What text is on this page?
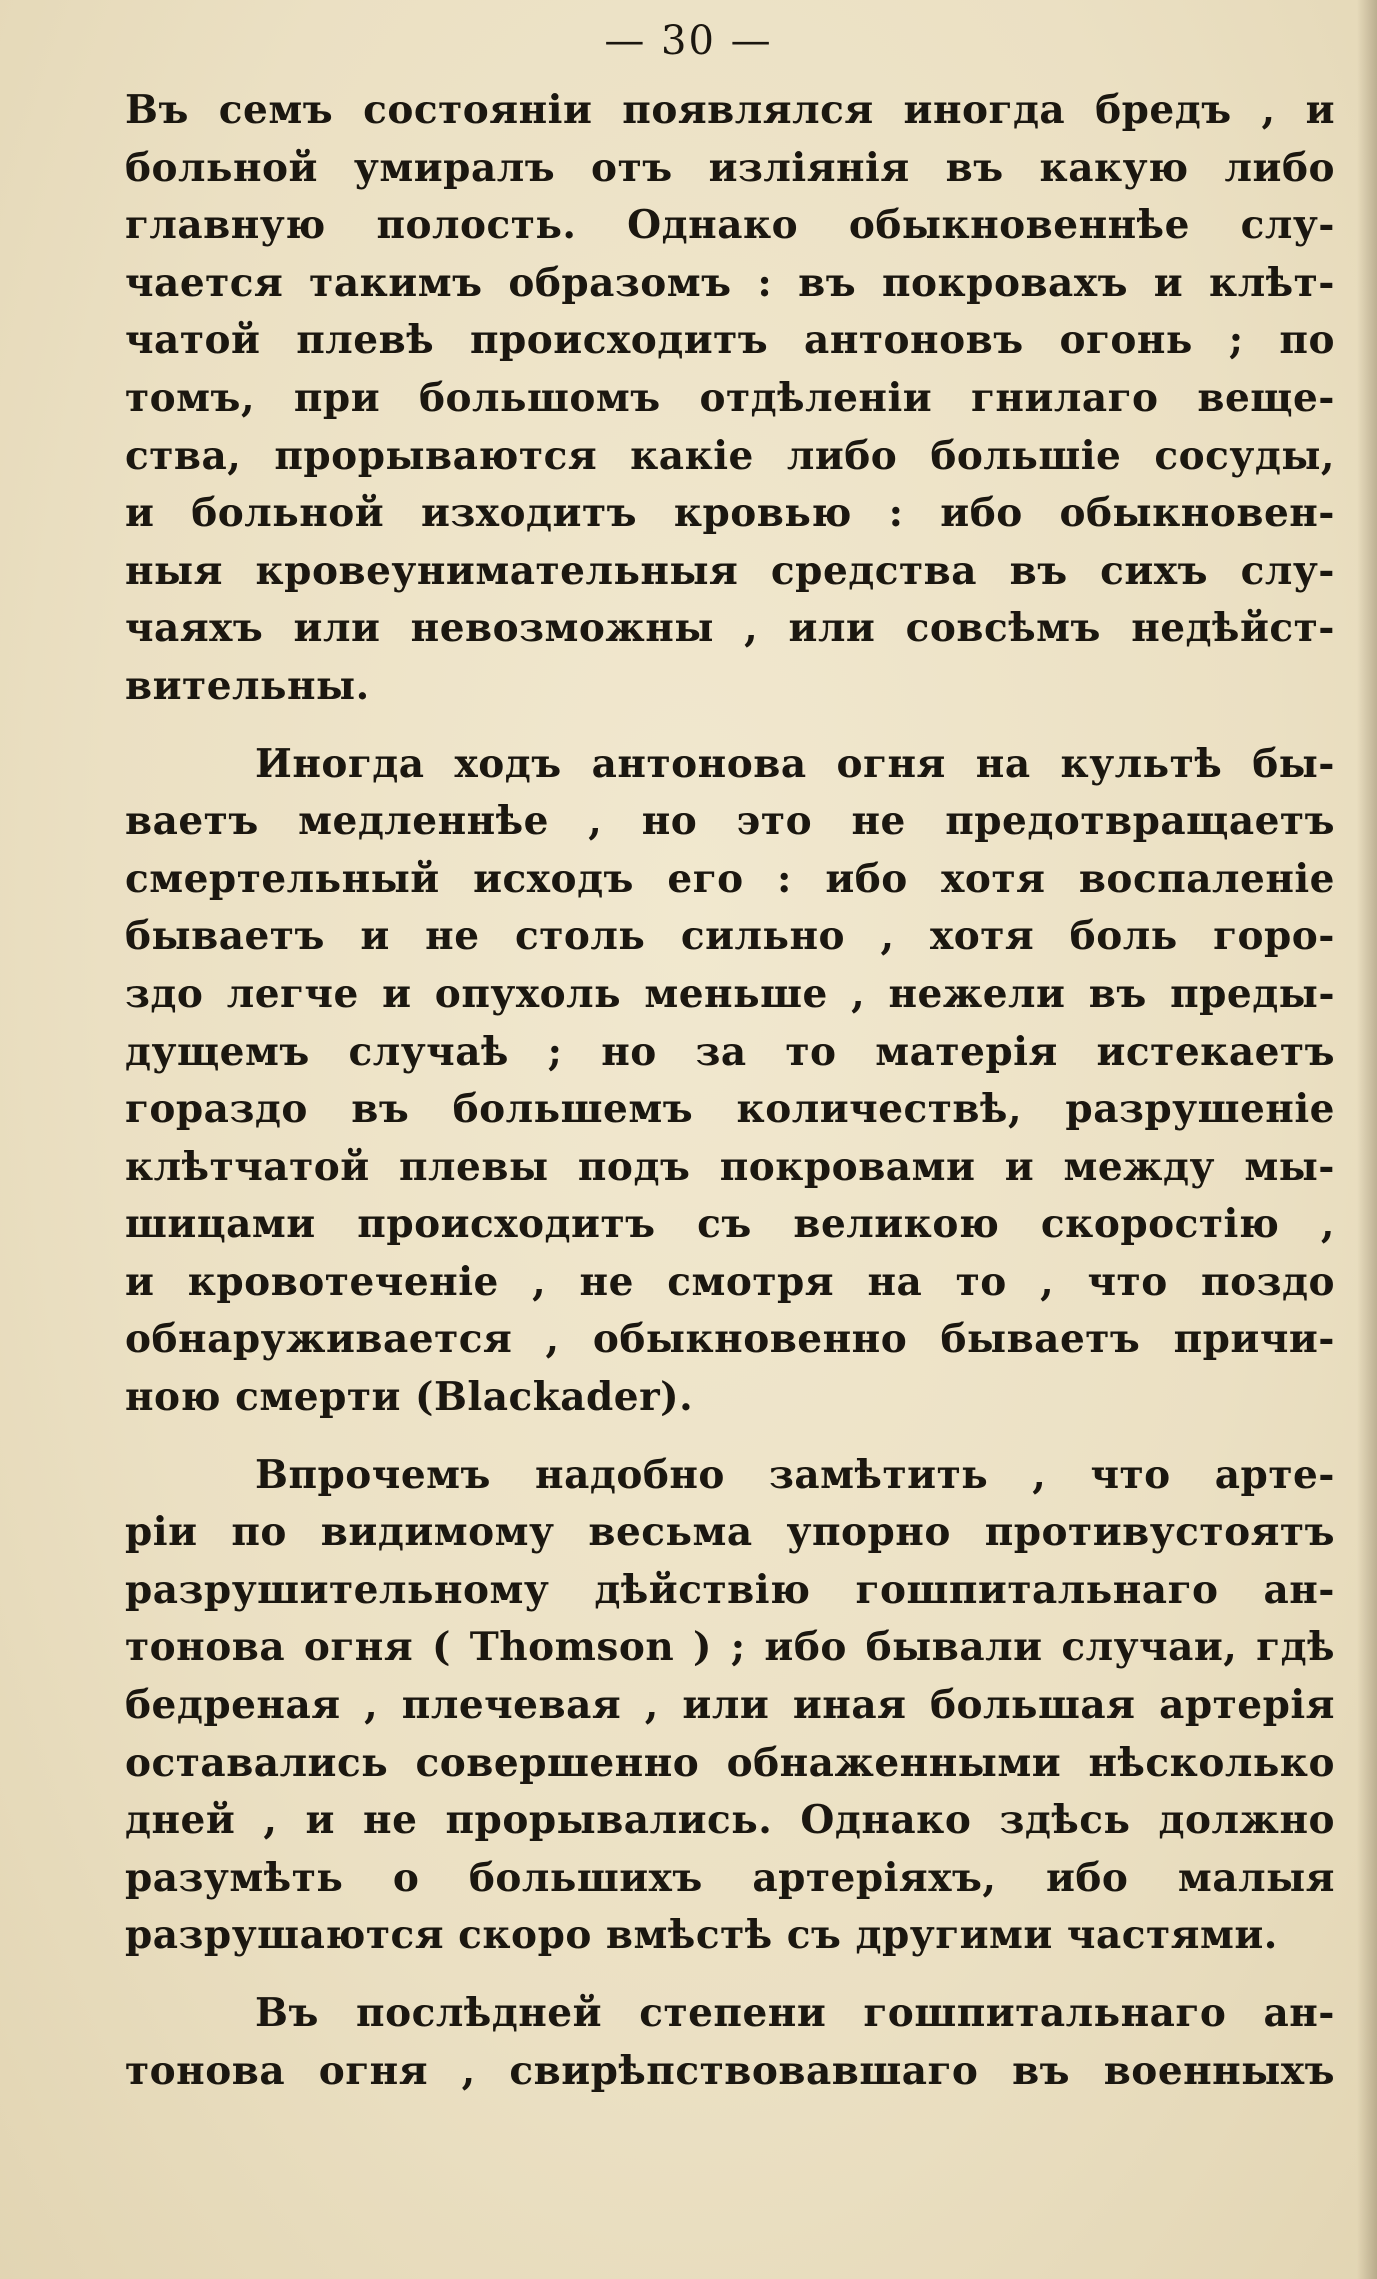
— 30 —
Въ семъ состояніи появлялся иногда бредъ , и
больной умиралъ отъ изліянія въ какую либо
главную полость. Однако обыкновеннѣе слу-
чается такимъ образомъ : въ покровахъ и клѣт-
чатой плевѣ происходитъ антоновъ огонь ; по
томъ, при большомъ отдѣленіи гнилаго веще-
ства, прорываются какіе либо большіе сосуды,
и больной изходитъ кровью : ибо обыкновен-
ныя кровеунимательныя средства въ сихъ слу-
чаяхъ или невозможны , или совсѣмъ недѣйст-
вительны.
Иногда ходъ антонова огня на культѣ бы-
ваетъ медленнѣе , но это не предотвращаетъ
смертельный исходъ его : ибо хотя воспаленіе
бываетъ и не столь сильно , хотя боль горо-
здо легче и опухоль меньше , нежели въ преды-
дущемъ случаѣ ; но за то матерія истекаетъ
гораздо въ большемъ количествѣ, разрушеніе
клѣтчатой плевы подъ покровами и между мы-
шицами происходитъ съ великою скоростію ,
и кровотеченіе , не смотря на то , что поздо
обнаруживается , обыкновенно бываетъ причи-
ною смерти (Blackader).
Впрочемъ надобно замѣтить , что арте-
ріи по видимому весьма упорно противустоятъ
разрушительному дѣйствію гошпитальнаго ан-
тонова огня ( Thomson ) ; ибо бывали случаи, гдѣ
бедреная , плечевая , или иная большая артерія
оставались совершенно обнаженными нѣсколько
дней , и не прорывались. Однако здѣсь должно
разумѣть о большихъ артеріяхъ, ибо малыя
разрушаются скоро вмѣстѣ съ другими частями.
Въ послѣдней степени гошпитальнаго ан-
тонова огня , свирѣпствовавшаго въ военныхъ
